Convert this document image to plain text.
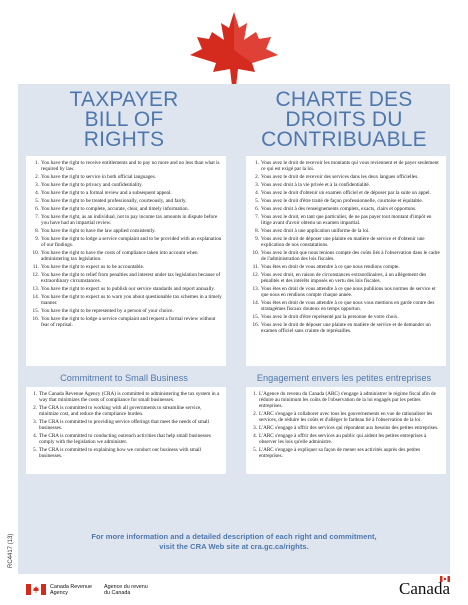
TAXPAYER
BILL OF
RIGHTS
1. You have the right to receive entitlements and to pay no more and no less than what is required by law.
2. You have the right to service in both official languages.
3. You have the right to privacy and confidentiality.
4. You have the right to a formal review and a subsequent appeal.
5. You have the right to be treated professionally, courteously, and fairly.
6. You have the right to complete, accurate, clear, and timely information.
7. You have the right, as an individual, not to pay income tax amounts in dispute before you have had an impartial review.
8. You have the right to have the law applied consistently.
9. You have the right to lodge a service complaint and to be provided with an explanation of our findings.
10. You have the right to have the costs of compliance taken into account when administering tax legislation.
11. You have the right to expect us to be accountable.
12. You have the right to relief from penalties and interest under tax legislation because of extraordinary circumstances.
13. You have the right to expect us to publish our service standards and report annually.
14. You have the right to expect us to warn you about questionable tax schemes in a timely manner.
15. You have the right to be represented by a person of your choice.
16. You have the right to lodge a service complaint and request a formal review without fear of reprisal.
Commitment to Small Business
1. The Canada Revenue Agency (CRA) is committed to administering the tax system in a way that minimizes the costs of compliance for small businesses.
2. The CRA is committed to working with all governments to streamline service, minimize cost, and reduce the compliance burden.
3. The CRA is committed to providing service offerings that meet the needs of small businesses.
4. The CRA is committed to conducting outreach activities that help small businesses comply with the legislation we administer.
5. The CRA is committed to explaining how we conduct our business with small businesses.
CHARTE DES
DROITS DU
CONTRIBUABLE
1. Vous avez le droit de recevoir les montants qui vous reviennent et de payer seulement ce qui est exigé par la loi.
2. Vous avez le droit de recevoir des services dans les deux langues officielles.
3. Vous avez droit à la vie privée et à la confidentialité.
4. Vous avez le droit d'obtenir un examen officiel et de déposer par la suite un appel.
5. Vous avez le droit d'être traité de façon professionnelle, courtoise et équitable.
6. Vous avez droit à des renseignements complets, exacts, clairs et opportuns.
7. Vous avez le droit, en tant que particulier, de ne pas payer tout montant d'impôt en litige avant d'avoir obtenu un examen impartial.
8. Vous avez droit à une application uniforme de la loi.
9. Vous avez le droit de déposer une plainte en matière de service et d'obtenir une explication de nos constatations.
10. Vous avez le droit que nous tenions compte des coûts liés à l'observation dans le cadre de l'administration des lois fiscales.
11. Vous êtes en droit de vous attendre à ce que nous rendions compte.
12. Vous avez droit, en raison de circonstances extraordinaires, à un allègement des pénalités et des intérêts imposés en vertu des lois fiscales.
13. Vous êtes en droit de vous attendre à ce que nous publiions nos normes de service et que nous en rendions compte chaque année.
14. Vous êtes en droit de vous attendre à ce que nous vous mettions en garde contre des stratagèmes fiscaux douteux en temps opportun.
15. Vous avez le droit d'être représenté par la personne de votre choix.
16. Vous avez le droit de déposer une plainte en matière de service et de demander un examen officiel sans crainte de représailles.
Engagement envers les petites entreprises
1. L'Agence du revenu du Canada (ARC) s'engage à administrer le régime fiscal afin de réduire au minimum les coûts de l'observation de la loi engagés par les petites entreprises.
2. L'ARC s'engage à collaborer avec tous les gouvernements en vue de rationaliser les services, de réduire les coûts et d'alléger le fardeau lié à l'observation de la loi.
3. L'ARC s'engage à offrir des services qui répondent aux besoins des petites entreprises.
4. L'ARC s'engage à offrir des services au public qui aident les petites entreprises à observer les lois qu'elle administre.
5. L'ARC s'engage à expliquer sa façon de mener ses activités auprès des petites entreprises.
For more information and a detailed description of each right and commitment,
visit the CRA Web site at cra.gc.ca/rights.
RC4417 (13)
Canada Revenue
Agency
Agence du revenu
du Canada	Canada
